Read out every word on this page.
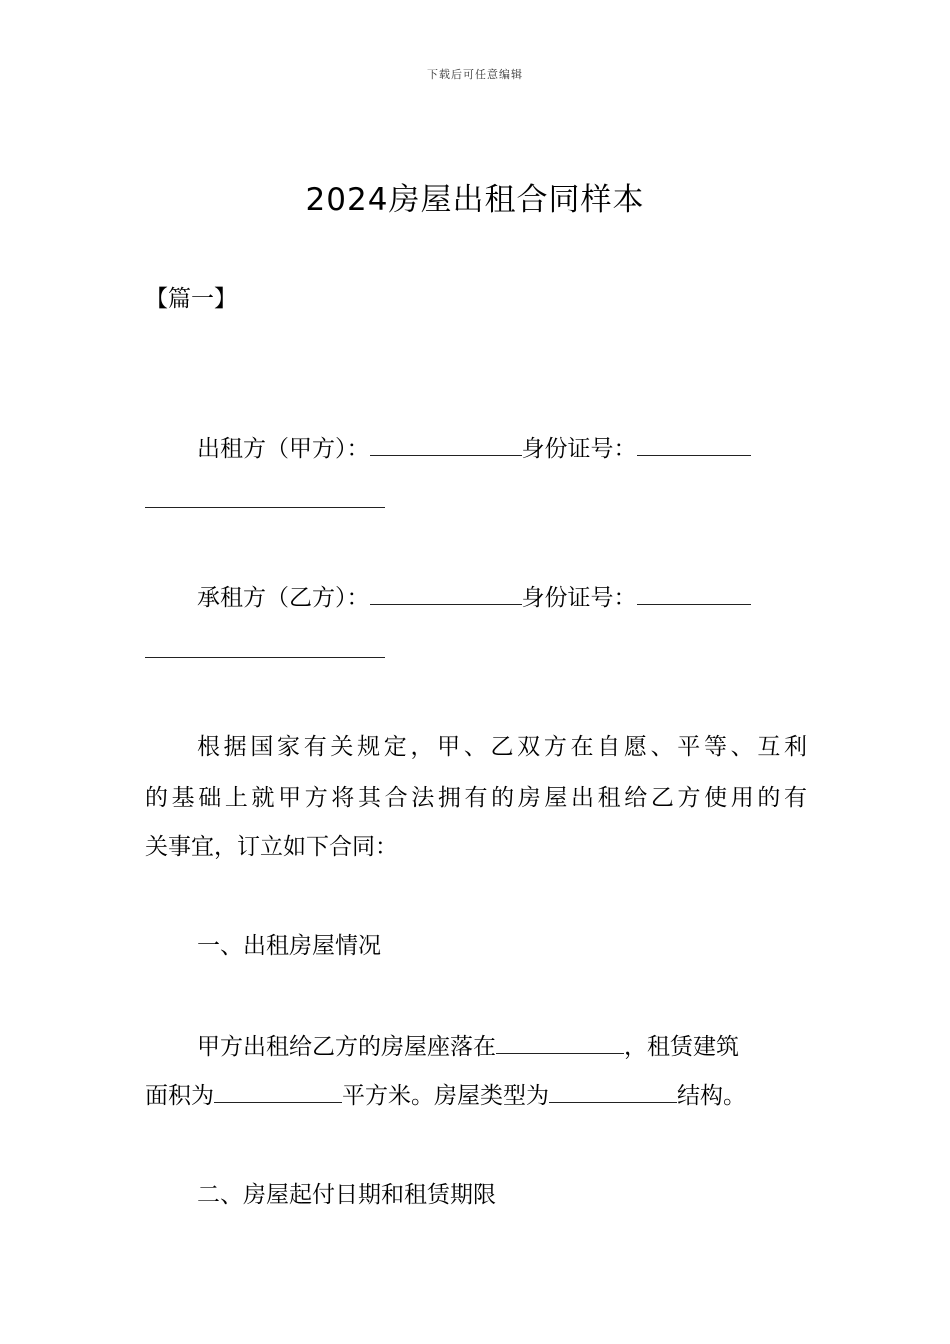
下载后可任意编辑
2024房屋出租合同样本
【篇一】
出租方（甲方）：	身份证号：
承租方（乙方）：	身份证号：
根据国家有关规定，甲、乙双方在自愿、平等、互利
的基础上就甲方将其合法拥有的房屋出租给乙方使用的有
关事宜，订立如下合同：
一、出租房屋情况
甲方出租给乙方的房屋座落在	，租赁建筑
面积为	平方米。房屋类型为	结构。
二、房屋起付日期和租赁期限
